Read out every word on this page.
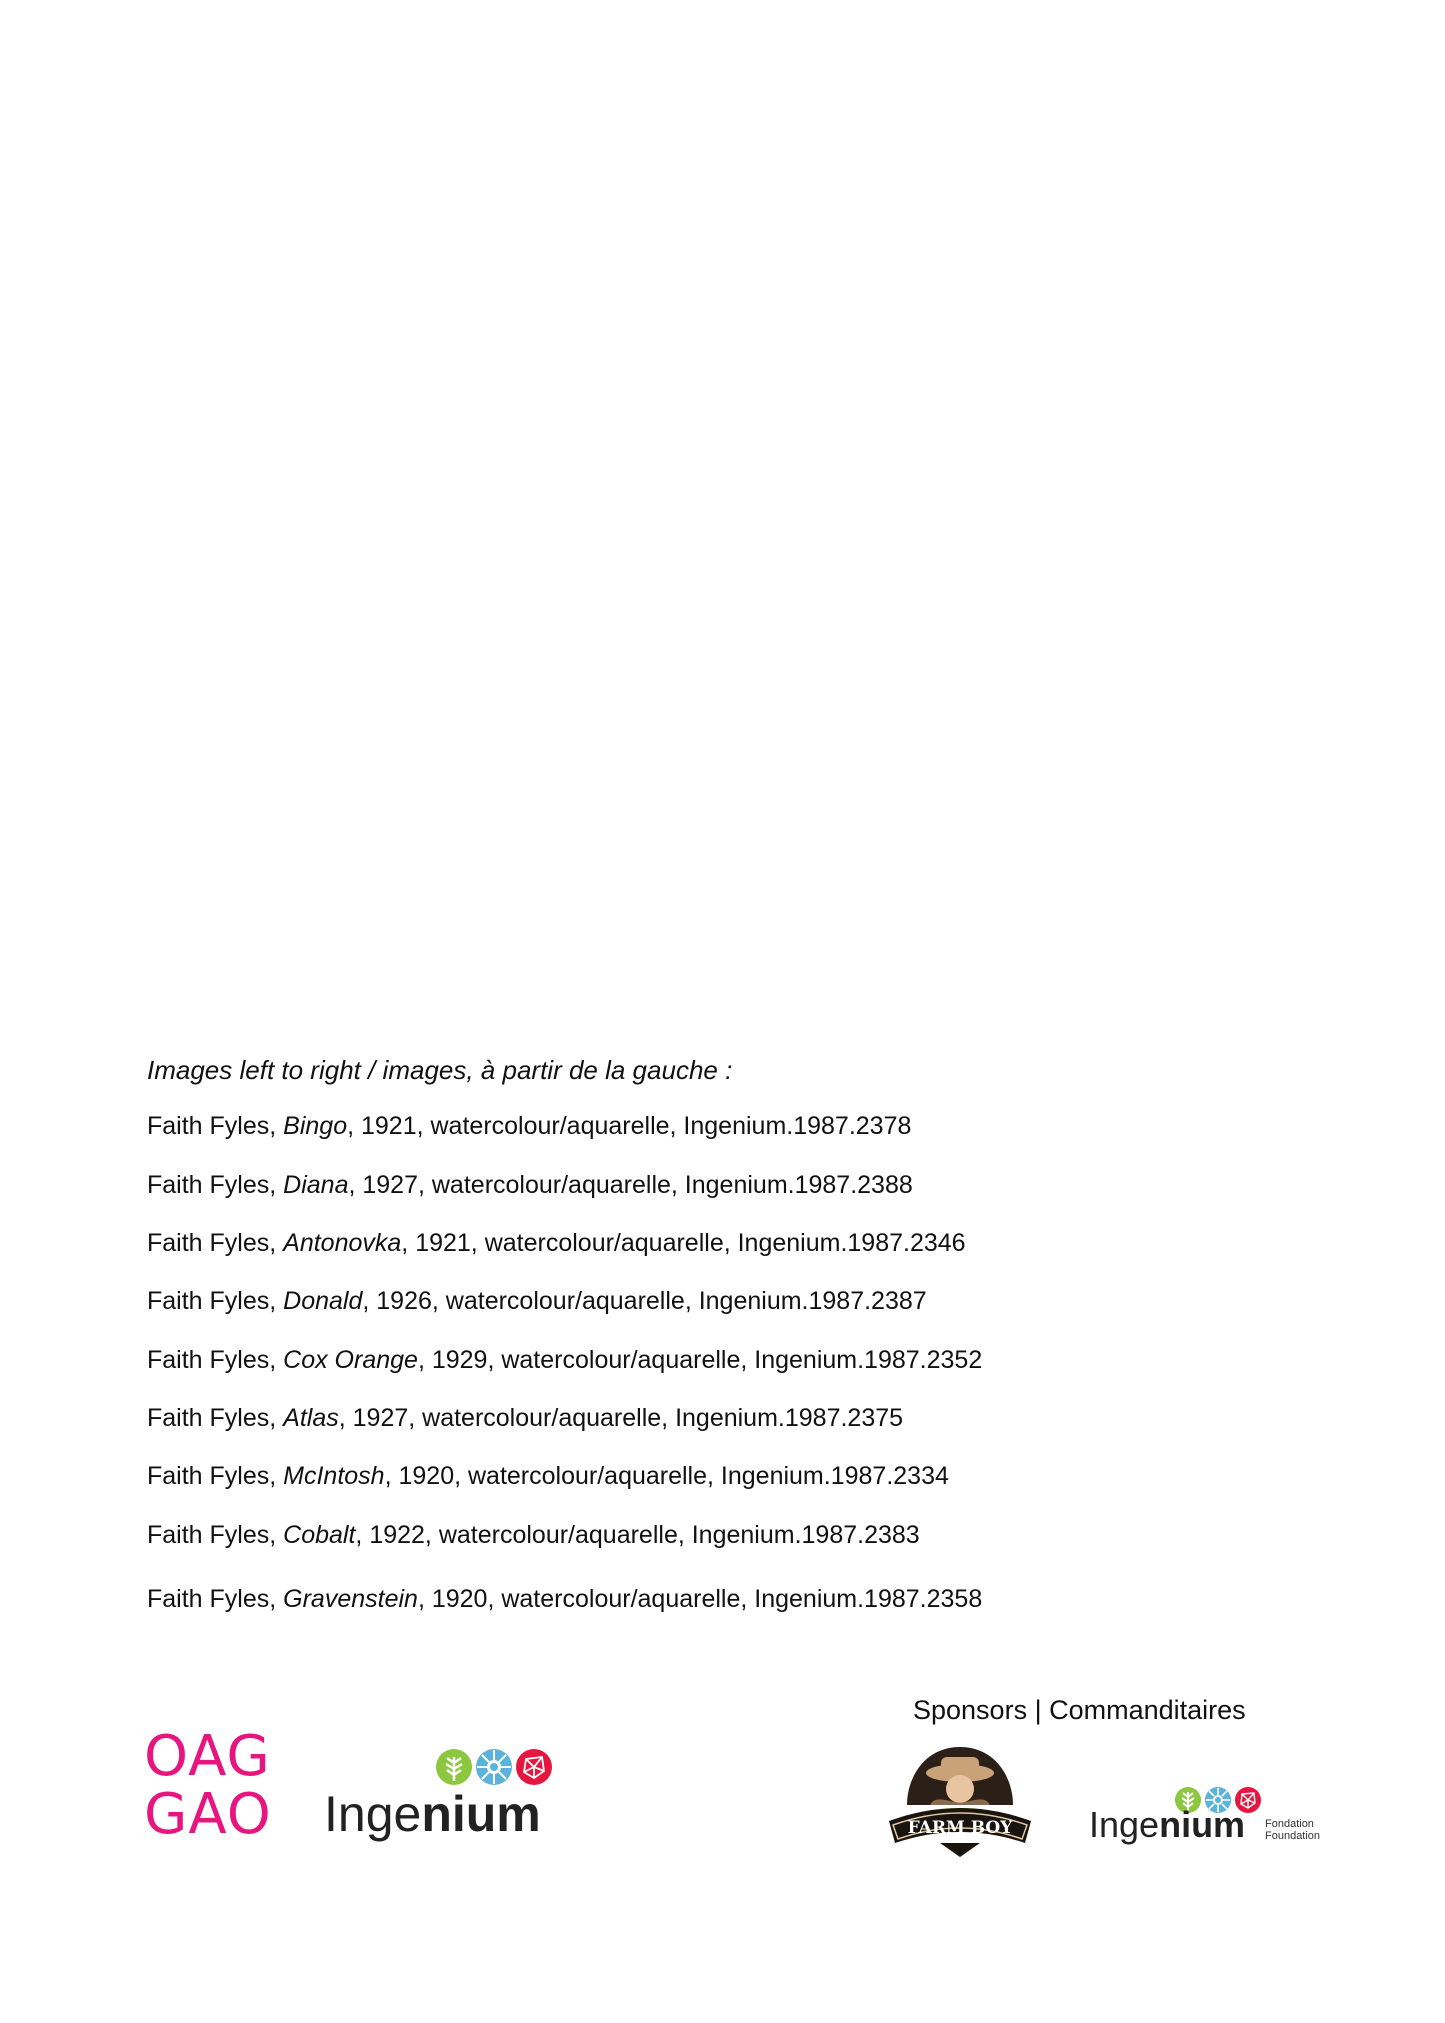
Images left to right / images, à partir de la gauche :

Faith Fyles, Bingo, 1921, watercolour/aquarelle, Ingenium.1987.2378
Faith Fyles, Diana, 1927, watercolour/aquarelle, Ingenium.1987.2388
Faith Fyles, Antonovka, 1921, watercolour/aquarelle, Ingenium.1987.2346
Faith Fyles, Donald, 1926, watercolour/aquarelle, Ingenium.1987.2387
Faith Fyles, Cox Orange, 1929, watercolour/aquarelle, Ingenium.1987.2352
Faith Fyles, Atlas, 1927, watercolour/aquarelle, Ingenium.1987.2375
Faith Fyles, McIntosh, 1920, watercolour/aquarelle, Ingenium.1987.2334
Faith Fyles, Cobalt, 1922, watercolour/aquarelle, Ingenium.1987.2383
Faith Fyles, Gravenstein, 1920, watercolour/aquarelle, Ingenium.1987.2358
OAG
GAO Ingenium
Sponsors | Commanditaires
FARM BOY Ingenium Fondation
Foundation
